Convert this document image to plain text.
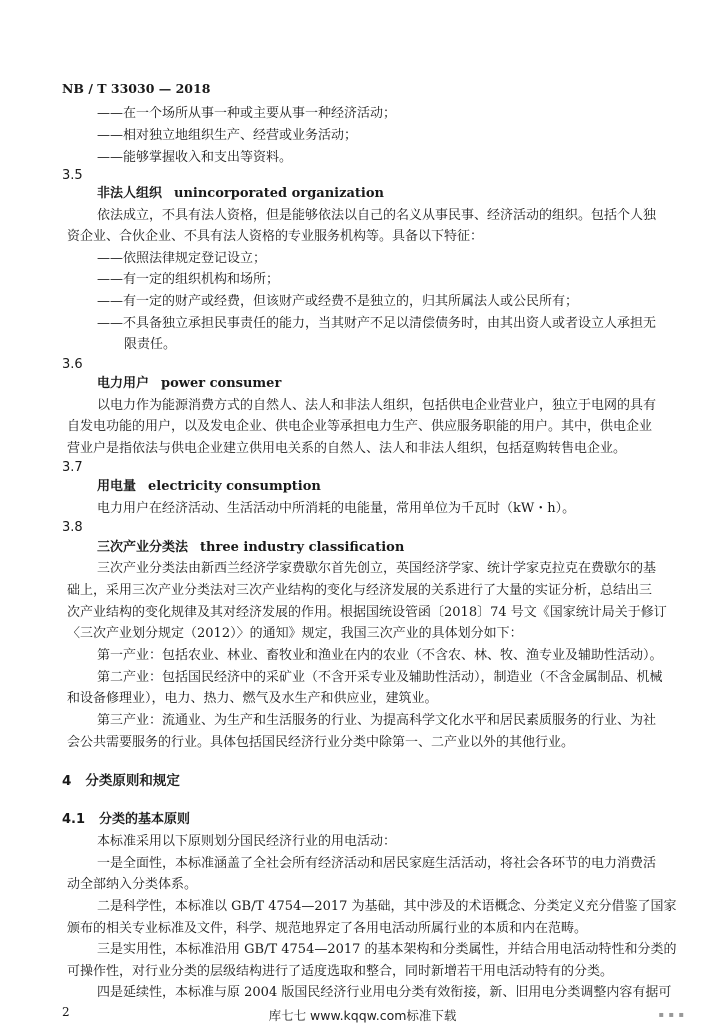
NB / T 33030 — 2018
——在一个场所从事一种或主要从事一种经济活动；
——相对独立地组织生产、经营或业务活动；
——能够掌握收入和支出等资料。
3.5
非法人组织 unincorporated organization
依法成立，不具有法人资格，但是能够依法以自己的名义从事民事、经济活动的组织。包括个人独
资企业、合伙企业、不具有法人资格的专业服务机构等。具备以下特征：
——依照法律规定登记设立；
——有一定的组织机构和场所；
——有一定的财产或经费，但该财产或经费不是独立的，归其所属法人或公民所有；
——不具备独立承担民事责任的能力，当其财产不足以清偿债务时，由其出资人或者设立人承担无
限责任。
3.6
电力用户 power consumer
以电力作为能源消费方式的自然人、法人和非法人组织，包括供电企业营业户，独立于电网的具有
自发电功能的用户，以及发电企业、供电企业等承担电力生产、供应服务职能的用户。其中，供电企业
营业户是指依法与供电企业建立供用电关系的自然人、法人和非法人组织，包括趸购转售电企业。
3.7
用电量 electricity consumption
电力用户在经济活动、生活活动中所消耗的电能量，常用单位为千瓦时（kW・h）。
3.8
三次产业分类法 three industry classification
三次产业分类法由新西兰经济学家费歇尔首先创立，英国经济学家、统计学家克拉克在费歇尔的基
础上，采用三次产业分类法对三次产业结构的变化与经济发展的关系进行了大量的实证分析，总结出三
次产业结构的变化规律及其对经济发展的作用。根据国统设管函〔2018〕74 号文《国家统计局关于修订
〈三次产业划分规定（2012）〉的通知》规定，我国三次产业的具体划分如下：
第一产业：包括农业、林业、畜牧业和渔业在内的农业（不含农、林、牧、渔专业及辅助性活动）。
第二产业：包括国民经济中的采矿业（不含开采专业及辅助性活动），制造业（不含金属制品、机械
和设备修理业），电力、热力、燃气及水生产和供应业，建筑业。
第三产业：流通业、为生产和生活服务的行业、为提高科学文化水平和居民素质服务的行业、为社
会公共需要服务的行业。具体包括国民经济行业分类中除第一、二产业以外的其他行业。
4 分类原则和规定
4.1 分类的基本原则
本标准采用以下原则划分国民经济行业的用电活动：
一是全面性，本标准涵盖了全社会所有经济活动和居民家庭生活活动，将社会各环节的电力消费活
动全部纳入分类体系。
二是科学性，本标准以 GB/T 4754—2017 为基础，其中涉及的术语概念、分类定义充分借鉴了国家
颁布的相关专业标准及文件，科学、规范地界定了各用电活动所属行业的本质和内在范畴。
三是实用性，本标准沿用 GB/T 4754—2017 的基本架构和分类属性，并结合用电活动特性和分类的
可操作性，对行业分类的层级结构进行了适度选取和整合，同时新增若干用电活动特有的分类。
四是延续性，本标准与原 2004 版国民经济行业用电分类有效衔接，新、旧用电分类调整内容有据可
2	▪ ▪ ▪
库七七 www.kqqw.com标准下载
